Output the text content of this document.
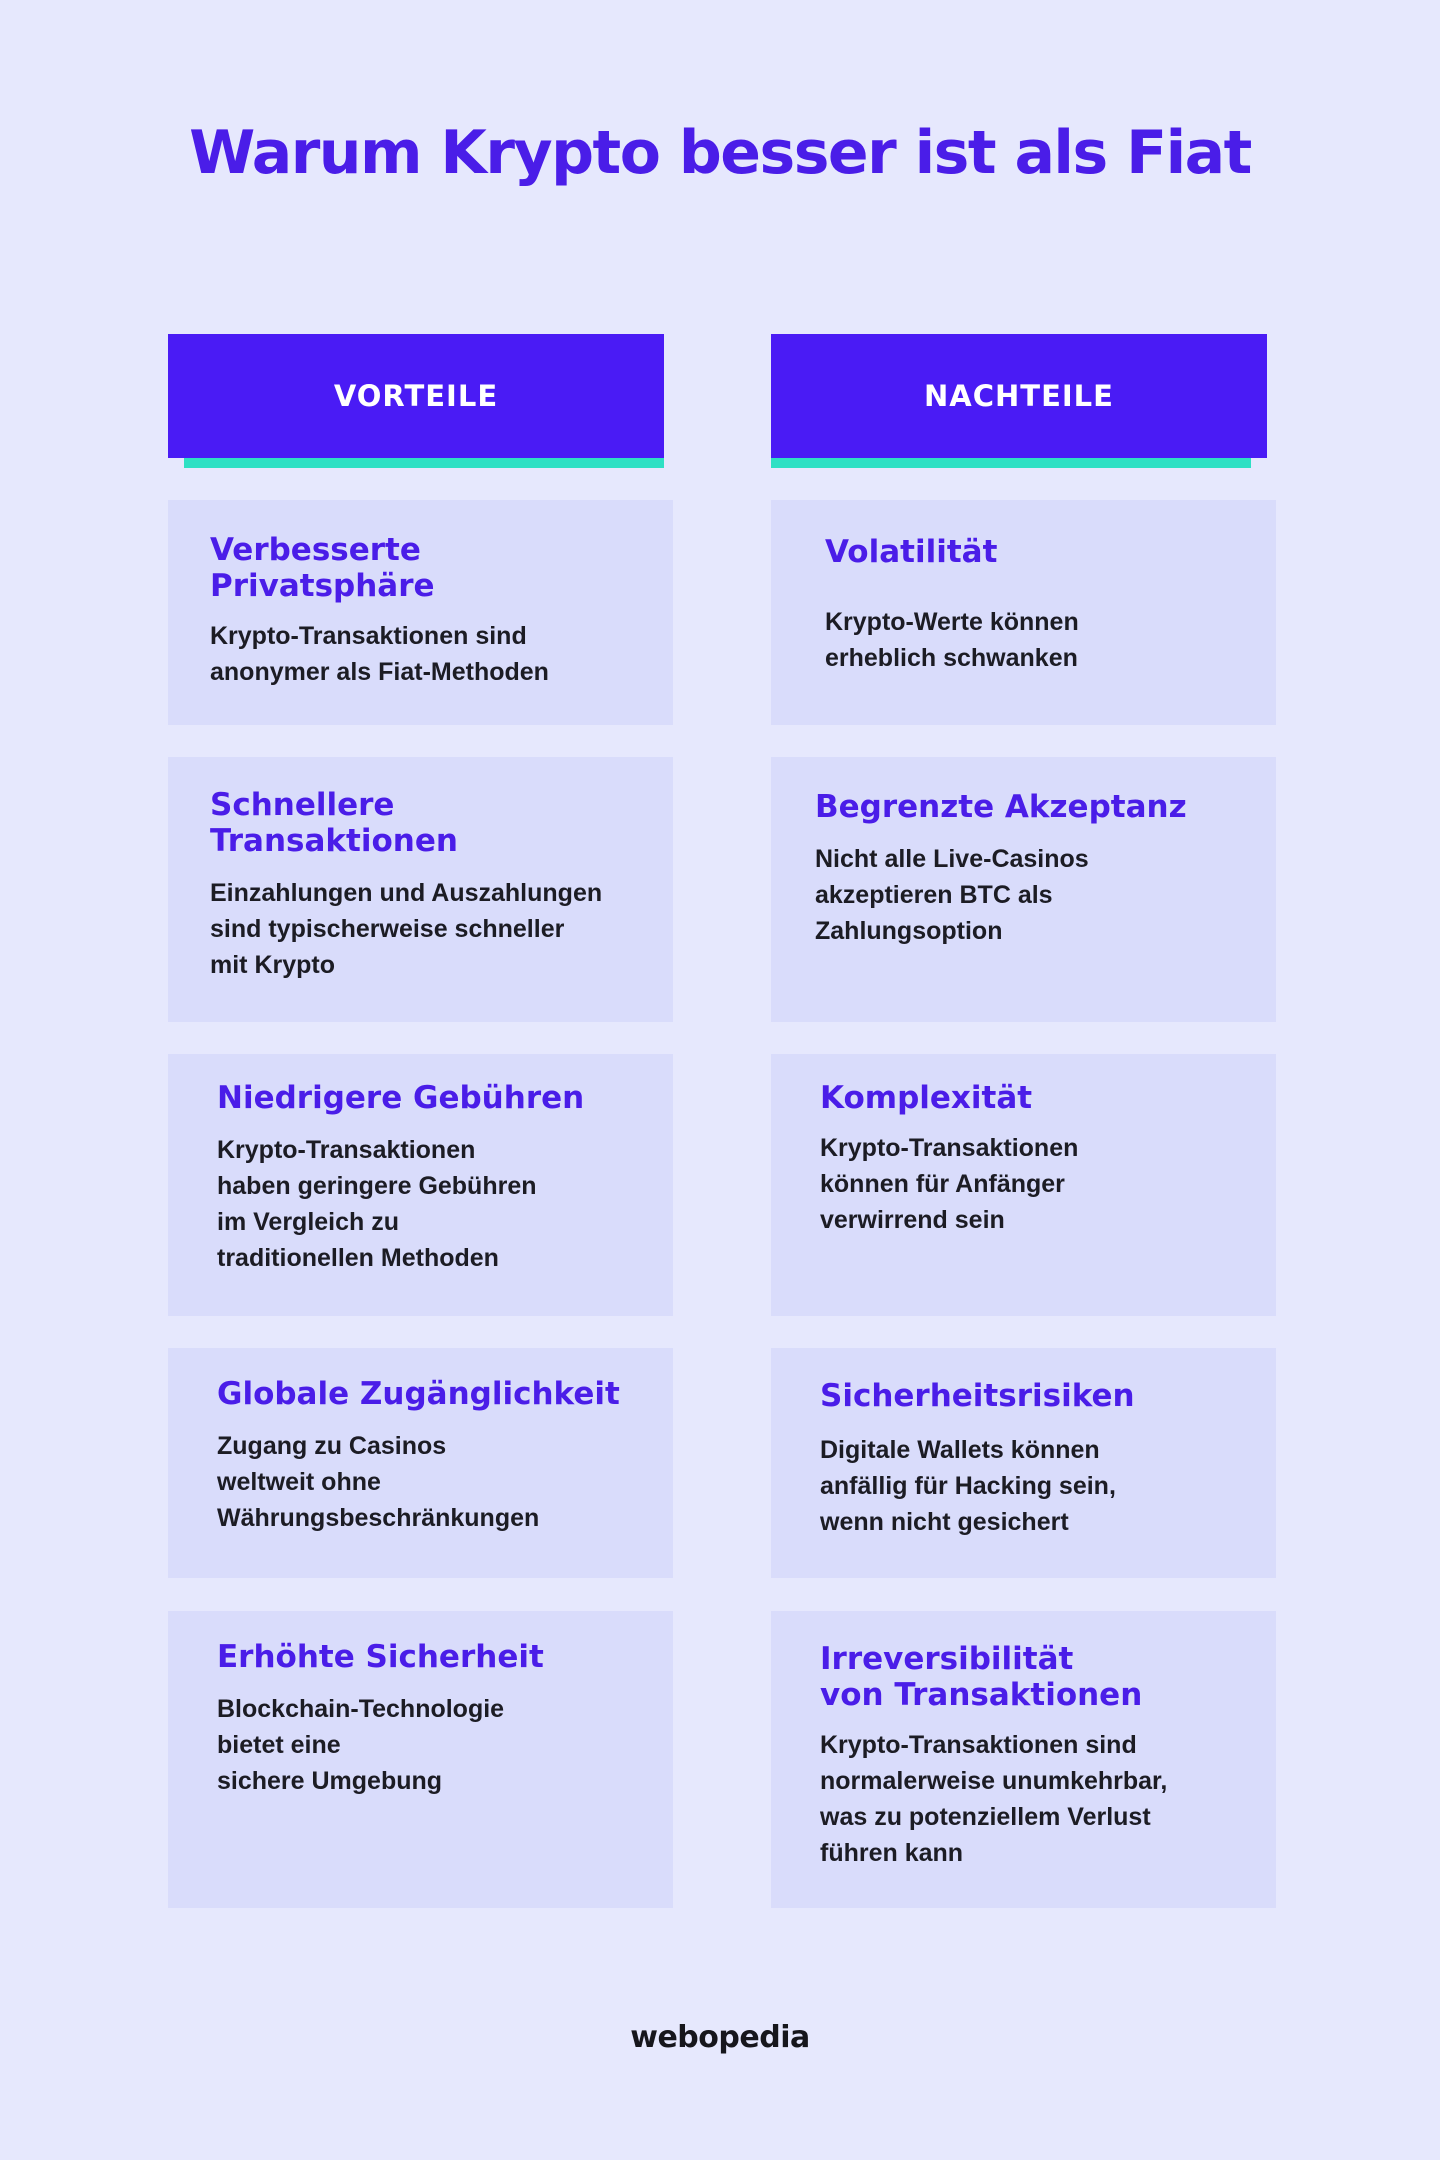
Warum Krypto besser ist als Fiat
VORTEILE	NACHTEILE
Verbesserte
Privatsphäre

Krypto-Transaktionen sind
anonymer als Fiat-Methoden

Schnellere
Transaktionen

Einzahlungen und Auszahlungen
sind typischerweise schneller
mit Krypto

Niedrigere Gebühren

Krypto-Transaktionen
haben geringere Gebühren
im Vergleich zu
traditionellen Methoden

Globale Zugänglichkeit

Zugang zu Casinos
weltweit ohne
Währungsbeschränkungen

Erhöhte Sicherheit

Blockchain-Technologie
bietet eine
sichere Umgebung

Volatilität

Krypto-Werte können
erheblich schwanken

Begrenzte Akzeptanz

Nicht alle Live-Casinos
akzeptieren BTC als
Zahlungsoption

Komplexität

Krypto-Transaktionen
können für Anfänger
verwirrend sein

Sicherheitsrisiken

Digitale Wallets können
anfällig für Hacking sein,
wenn nicht gesichert

Irreversibilität
von Transaktionen

Krypto-Transaktionen sind
normalerweise unumkehrbar,
was zu potenziellem Verlust
führen kann

webopedia
